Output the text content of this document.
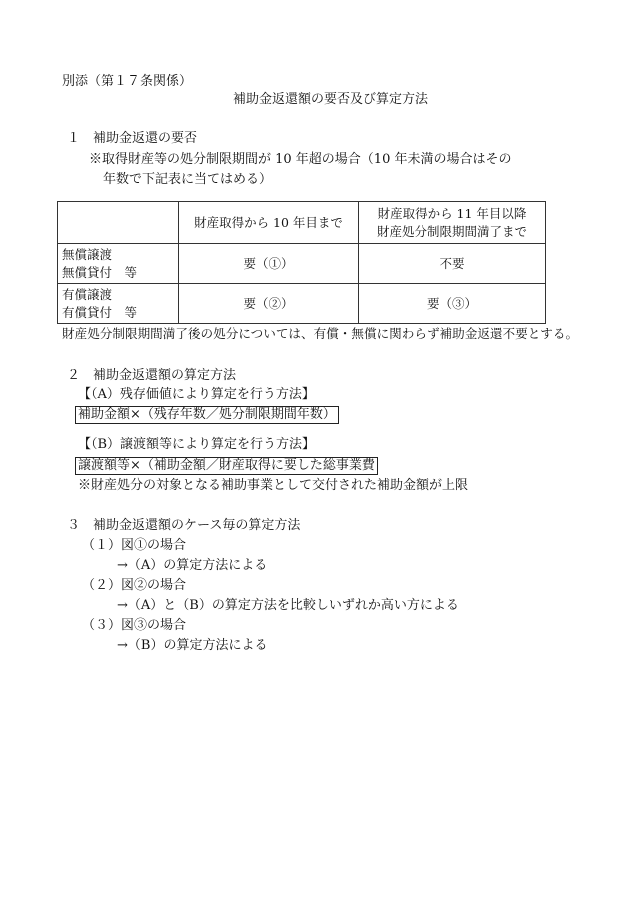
別添（第１７条関係）
補助金返還額の要否及び算定方法
１　補助金返還の要否
※取得財産等の処分制限期間が 10 年超の場合（10 年未満の場合はその
年数で下記表に当てはめる）
	財産取得から 10 年目まで	財産取得から 11 年目以降
財産処分制限期間満了まで

無償譲渡
無償貸付　等	要（①）	不要

有償譲渡
有償貸付　等	要（②）	要（③）
財産処分制限期間満了後の処分については、有償・無償に関わらず補助金返還不要とする。
２　補助金返還額の算定方法
【（A）残存価値により算定を行う方法】
補助金額×（残存年数／処分制限期間年数）
【（B）譲渡額等により算定を行う方法】
譲渡額等×（補助金額／財産取得に要した総事業費
※財産処分の対象となる補助事業として交付された補助金額が上限
３　補助金返還額のケース毎の算定方法
（１）図①の場合
→（A）の算定方法による
（２）図②の場合
→（A）と（B）の算定方法を比較しいずれか高い方による
（３）図③の場合
→（B）の算定方法による
